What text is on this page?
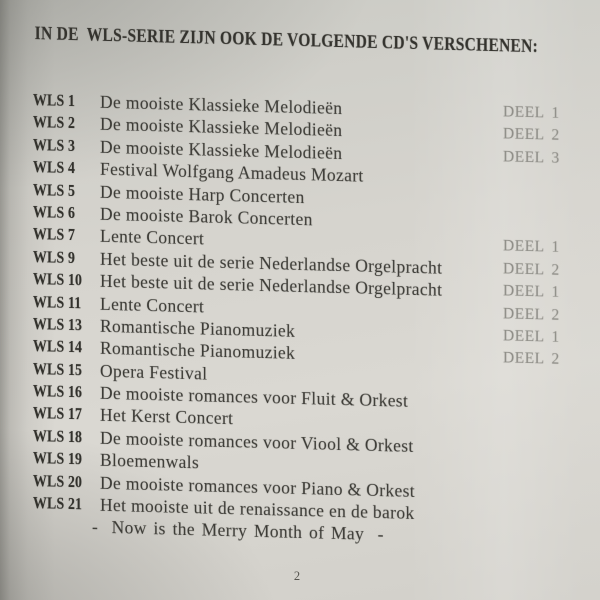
IN DE  WLS-SERIE ZIJN OOK DE VOLGENDE CD'S VERSCHENEN:
WLS 1	De mooiste Klassieke Melodieën	DEEL 1
WLS 2	De mooiste Klassieke Melodieën	DEEL 2
WLS 3	De mooiste Klassieke Melodieën	DEEL 3
WLS 4	Festival Wolfgang Amadeus Mozart
WLS 5	De mooiste Harp Concerten
WLS 6	De mooiste Barok Concerten
WLS 7	Lente Concert	DEEL 1
WLS 9	Het beste uit de serie Nederlandse Orgelpracht	DEEL 2
WLS 10	Het beste uit de serie Nederlandse Orgelpracht	DEEL 1
WLS 11	Lente Concert	DEEL 2
WLS 13	Romantische Pianomuziek	DEEL 1
WLS 14	Romantische Pianomuziek	DEEL 2
WLS 15	Opera Festival
WLS 16	De mooiste romances voor Fluit & Orkest
WLS 17	Het Kerst Concert
WLS 18	De mooiste romances voor Viool & Orkest
WLS 19	Bloemenwals
WLS 20	De mooiste romances voor Piano & Orkest
WLS 21	Het mooiste uit de renaissance en de barok
-  Now is the Merry Month of May  -
2
